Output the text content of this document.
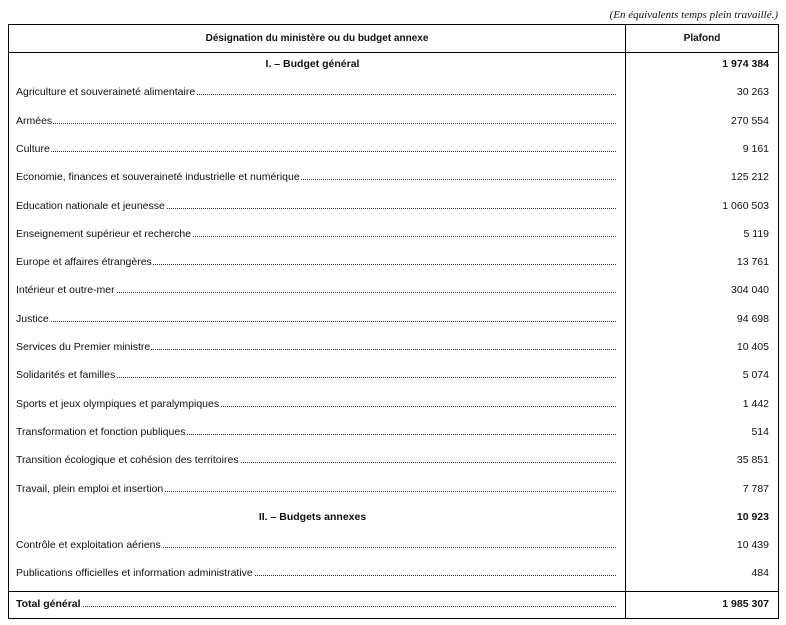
(En équivalents temps plein travaillé.)
Désignation du ministère ou du budget annexe	Plafond
I. – Budget général	1 974 384
Agriculture et souveraineté alimentaire	30 263
Armées	270 554
Culture	9 161
Economie, finances et souveraineté industrielle et numérique	125 212
Education nationale et jeunesse	1 060 503
Enseignement supérieur et recherche	5 119
Europe et affaires étrangères	13 761
Intérieur et outre-mer	304 040
Justice	94 698
Services du Premier ministre	10 405
Solidarités et familles	5 074
Sports et jeux olympiques et paralympiques	1 442
Transformation et fonction publiques	514
Transition écologique et cohésion des territoires	35 851
Travail, plein emploi et insertion	7 787
II. – Budgets annexes	10 923
Contrôle et exploitation aériens	10 439
Publications officielles et information administrative	484
Total général	1 985 307
